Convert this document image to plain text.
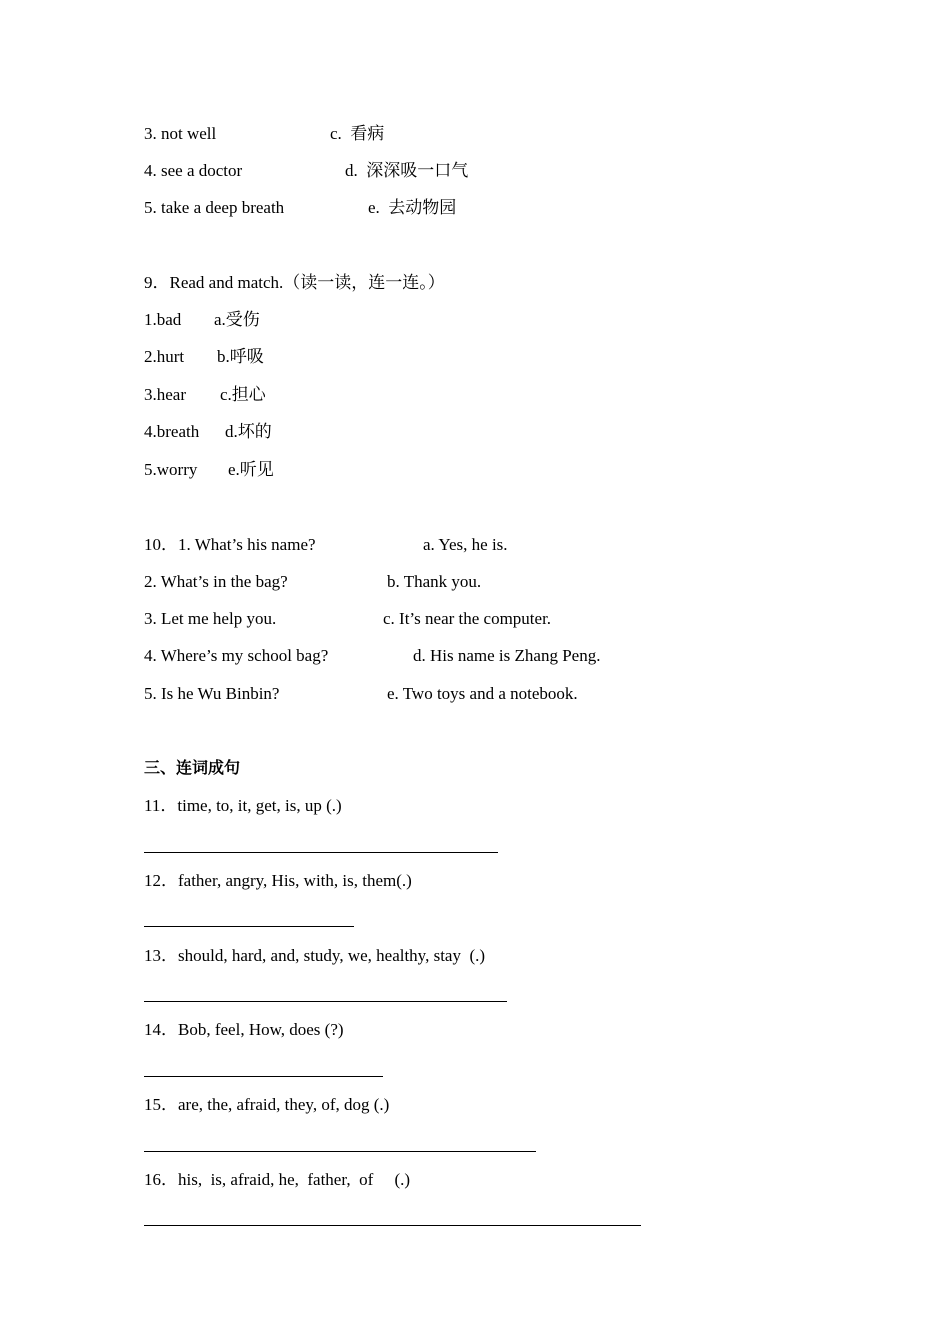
3. not well	c.  看病
4. see a doctor	d.  深深吸一口气
5. take a deep breath	e.  去动物园
9．Read and match.（读一读，连一连。）
1.bad a.受伤
2.hurt b.呼吸
3.hear c.担心
4.breath d.坏的
5.worry e.听见
10．1. What’s his name?	a. Yes, he is.
2. What’s in the bag?	b. Thank you.
3. Let me help you.	c. It’s near the computer.
4. Where’s my school bag?	d. His name is Zhang Peng.
5. Is he Wu Binbin?	e. Two toys and a notebook.
三、连词成句
11．time, to, it, get, is, up (.)
12．father, angry, His, with, is, them(.)
13．should, hard, and, study, we, healthy, stay  (.)
14．Bob, feel, How, does (?)
15．are, the, afraid, they, of, dog (.)
16．his,  is, afraid, he,  father,  of     (.)
